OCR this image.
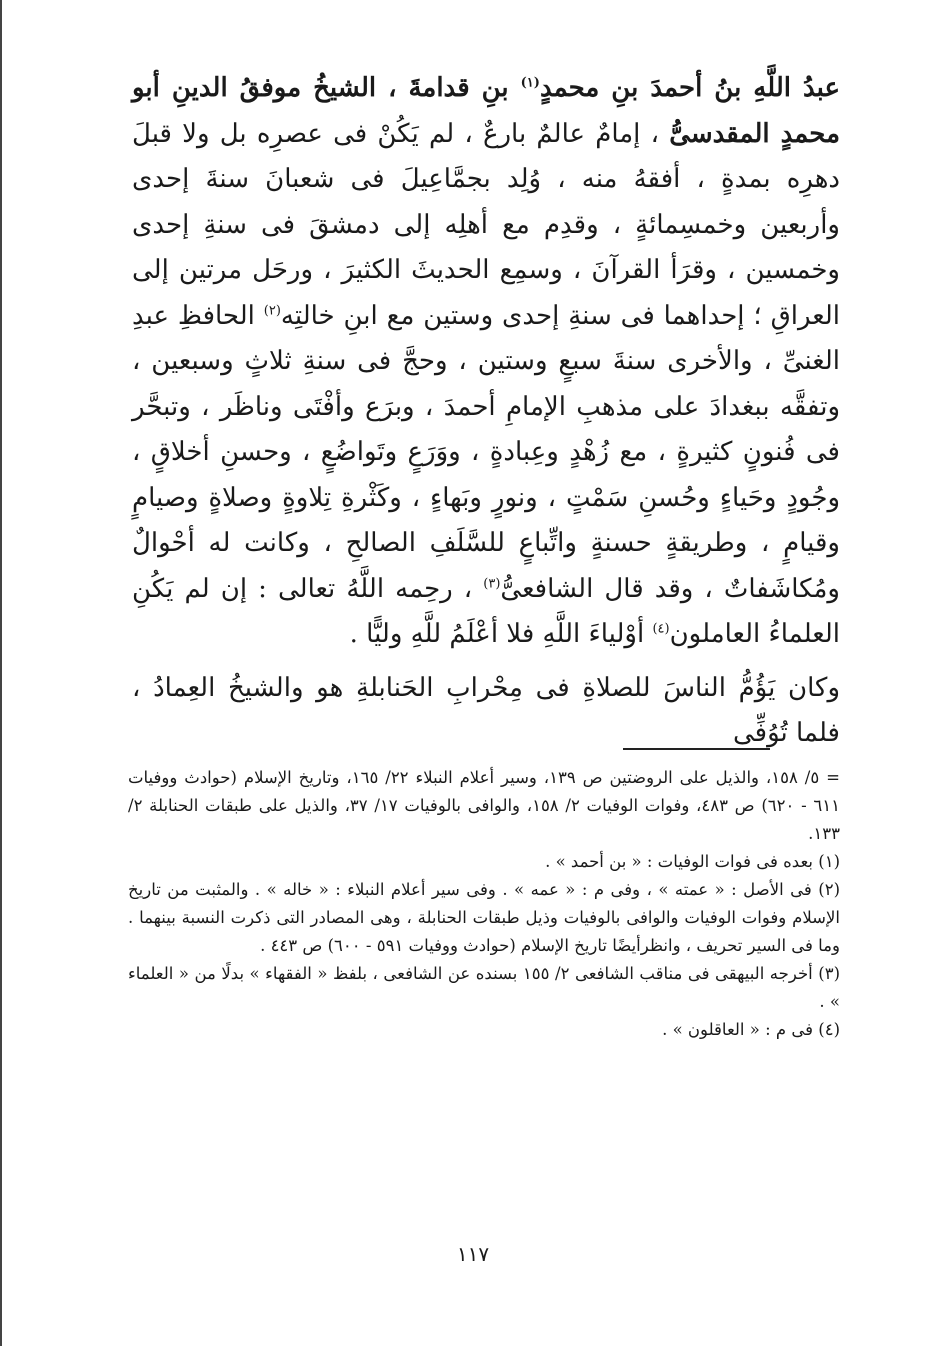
عبدُ اللَّهِ بنُ أحمدَ بنِ محمدٍ$^{(١)}$ بنِ قدامةَ ، الشيخُ موفقُ الدينِ أبو محمدٍ المقدسىُّ ، إمامٌ عالمٌ بارعٌ ، لم يَكُنْ فى عصرِه بل ولا قبلَ دهرِه بمدةٍ ، أفقهُ منه ، وُلِد بجمَّاعِيلَ فى شعبانَ سنةَ إحدى وأربعين وخمسِمائةٍ ، وقدِم مع أهلِه إلى دمشقَ فى سنةِ إحدى وخمسين ، وقرَأ القرآنَ ، وسمِع الحديثَ الكثيرَ ، ورحَل مرتين إلى العراقِ ؛ إحداهما فى سنةِ إحدى وستين مع ابنِ خالتِه$^{(٢)}$ الحافظِ عبدِ الغنىِّ ، والأخرى سنةَ سبعٍ وستين ، وحجَّ فى سنةِ ثلاثٍ وسبعين ، وتفقَّه ببغدادَ على مذهبِ الإمامِ أحمدَ ، وبرَع وأفْتَى وناظَر ، وتبحَّر فى فُنونٍ كثيرةٍ ، مع زُهْدٍ وعِبادةٍ ، ووَرَعٍ وتَواضُعٍ ، وحسنِ أخلاقٍ ، وجُودٍ وحَياءٍ وحُسنِ سَمْتٍ ، ونورٍ وبَهاءٍ ، وكَثْرةِ تِلاوةٍ وصلاةٍ وصيامٍ وقيامٍ ، وطريقةٍ حسنةٍ واتِّباعٍ للسَّلَفِ الصالحِ ، وكانت له أحْوالٌ ومُكاشَفاتٌ ، وقد قال الشافعىُّ$^{(٣)}$ ، رحِمه اللَّهُ تعالى : إن لم يَكُنِ العلماءُ العاملون$^{(٤)}$ أوْلياءَ اللَّهِ فلا أعْلَمُ للَّهِ وليًّا .

وكان يَؤُمُّ الناسَ للصلاةِ فى مِحْرابِ الحَنابلةِ هو والشيخُ العِمادُ ، فلما تُوُفِّى

= ٥/ ١٥٨، والذيل على الروضتين ص ١٣٩، وسير أعلام النبلاء ٢٢/ ١٦٥، وتاريخ الإسلام (حوادث ووفيات ٦١١ - ٦٢٠) ص ٤٨٣، وفوات الوفيات ٢/ ١٥٨، والوافى بالوفيات ١٧/ ٣٧، والذيل على طبقات الحنابلة ٢/ ١٣٣.

(١) بعده فى فوات الوفيات : « بن أحمد » .

(٢) فى الأصل : « عمته » ، وفى م : « عمه » . وفى سير أعلام النبلاء : « خاله » . والمثبت من تاريخ الإسلام وفوات الوفيات والوافى بالوفيات وذيل طبقات الحنابلة ، وهى المصادر التى ذكرت النسبة بينهما . وما فى السير تحريف ، وانظرأيضًا تاريخ الإسلام (حوادث ووفيات ٥٩١ - ٦٠٠) ص ٤٤٣ .

(٣) أخرجه البيهقى فى مناقب الشافعى ٢/ ١٥٥ بسنده عن الشافعى ، بلفظ « الفقهاء » بدلًا من « العلماء » .

(٤) فى م : « العاقلون » .

١١٧
